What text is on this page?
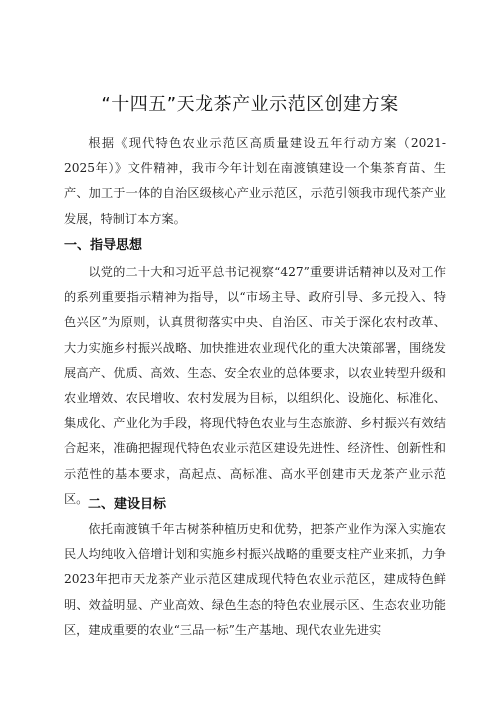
“十四五”天龙茶产业示范区创建方案
根据《现代特色农业示范区高质量建设五年行动方案（2021-2025年）》文件精神，我市今年计划在南渡镇建设一个集茶育苗、生产、加工于一体的自治区级核心产业示范区，示范引领我市现代茶产业发展，特制订本方案。
一、指导思想
以党的二十大和习近平总书记视察“427”重要讲话精神以及对工作的系列重要指示精神为指导，以“市场主导、政府引导、多元投入、特色兴区”为原则，认真贯彻落实中央、自治区、市关于深化农村改革、大力实施乡村振兴战略、加快推进农业现代化的重大决策部署，围绕发展高产、优质、高效、生态、安全农业的总体要求，以农业转型升级和农业增效、农民增收、农村发展为目标，以组织化、设施化、标准化、集成化、产业化为手段，将现代特色农业与生态旅游、乡村振兴有效结合起来，准确把握现代特色农业示范区建设先进性、经济性、创新性和示范性的基本要求，高起点、高标准、高水平创建市天龙茶产业示范区。 二、建设目标
依托南渡镇千年古树茶种植历史和优势，把茶产业作为深入实施农民人均纯收入倍增计划和实施乡村振兴战略的重要支柱产业来抓，力争2023年把市天龙茶产业示范区建成现代特色农业示范区，建成特色鲜明、效益明显、产业高效、绿色生态的特色农业展示区、生态农业功能区，建成重要的农业“三品一标”生产基地、现代农业先进实
